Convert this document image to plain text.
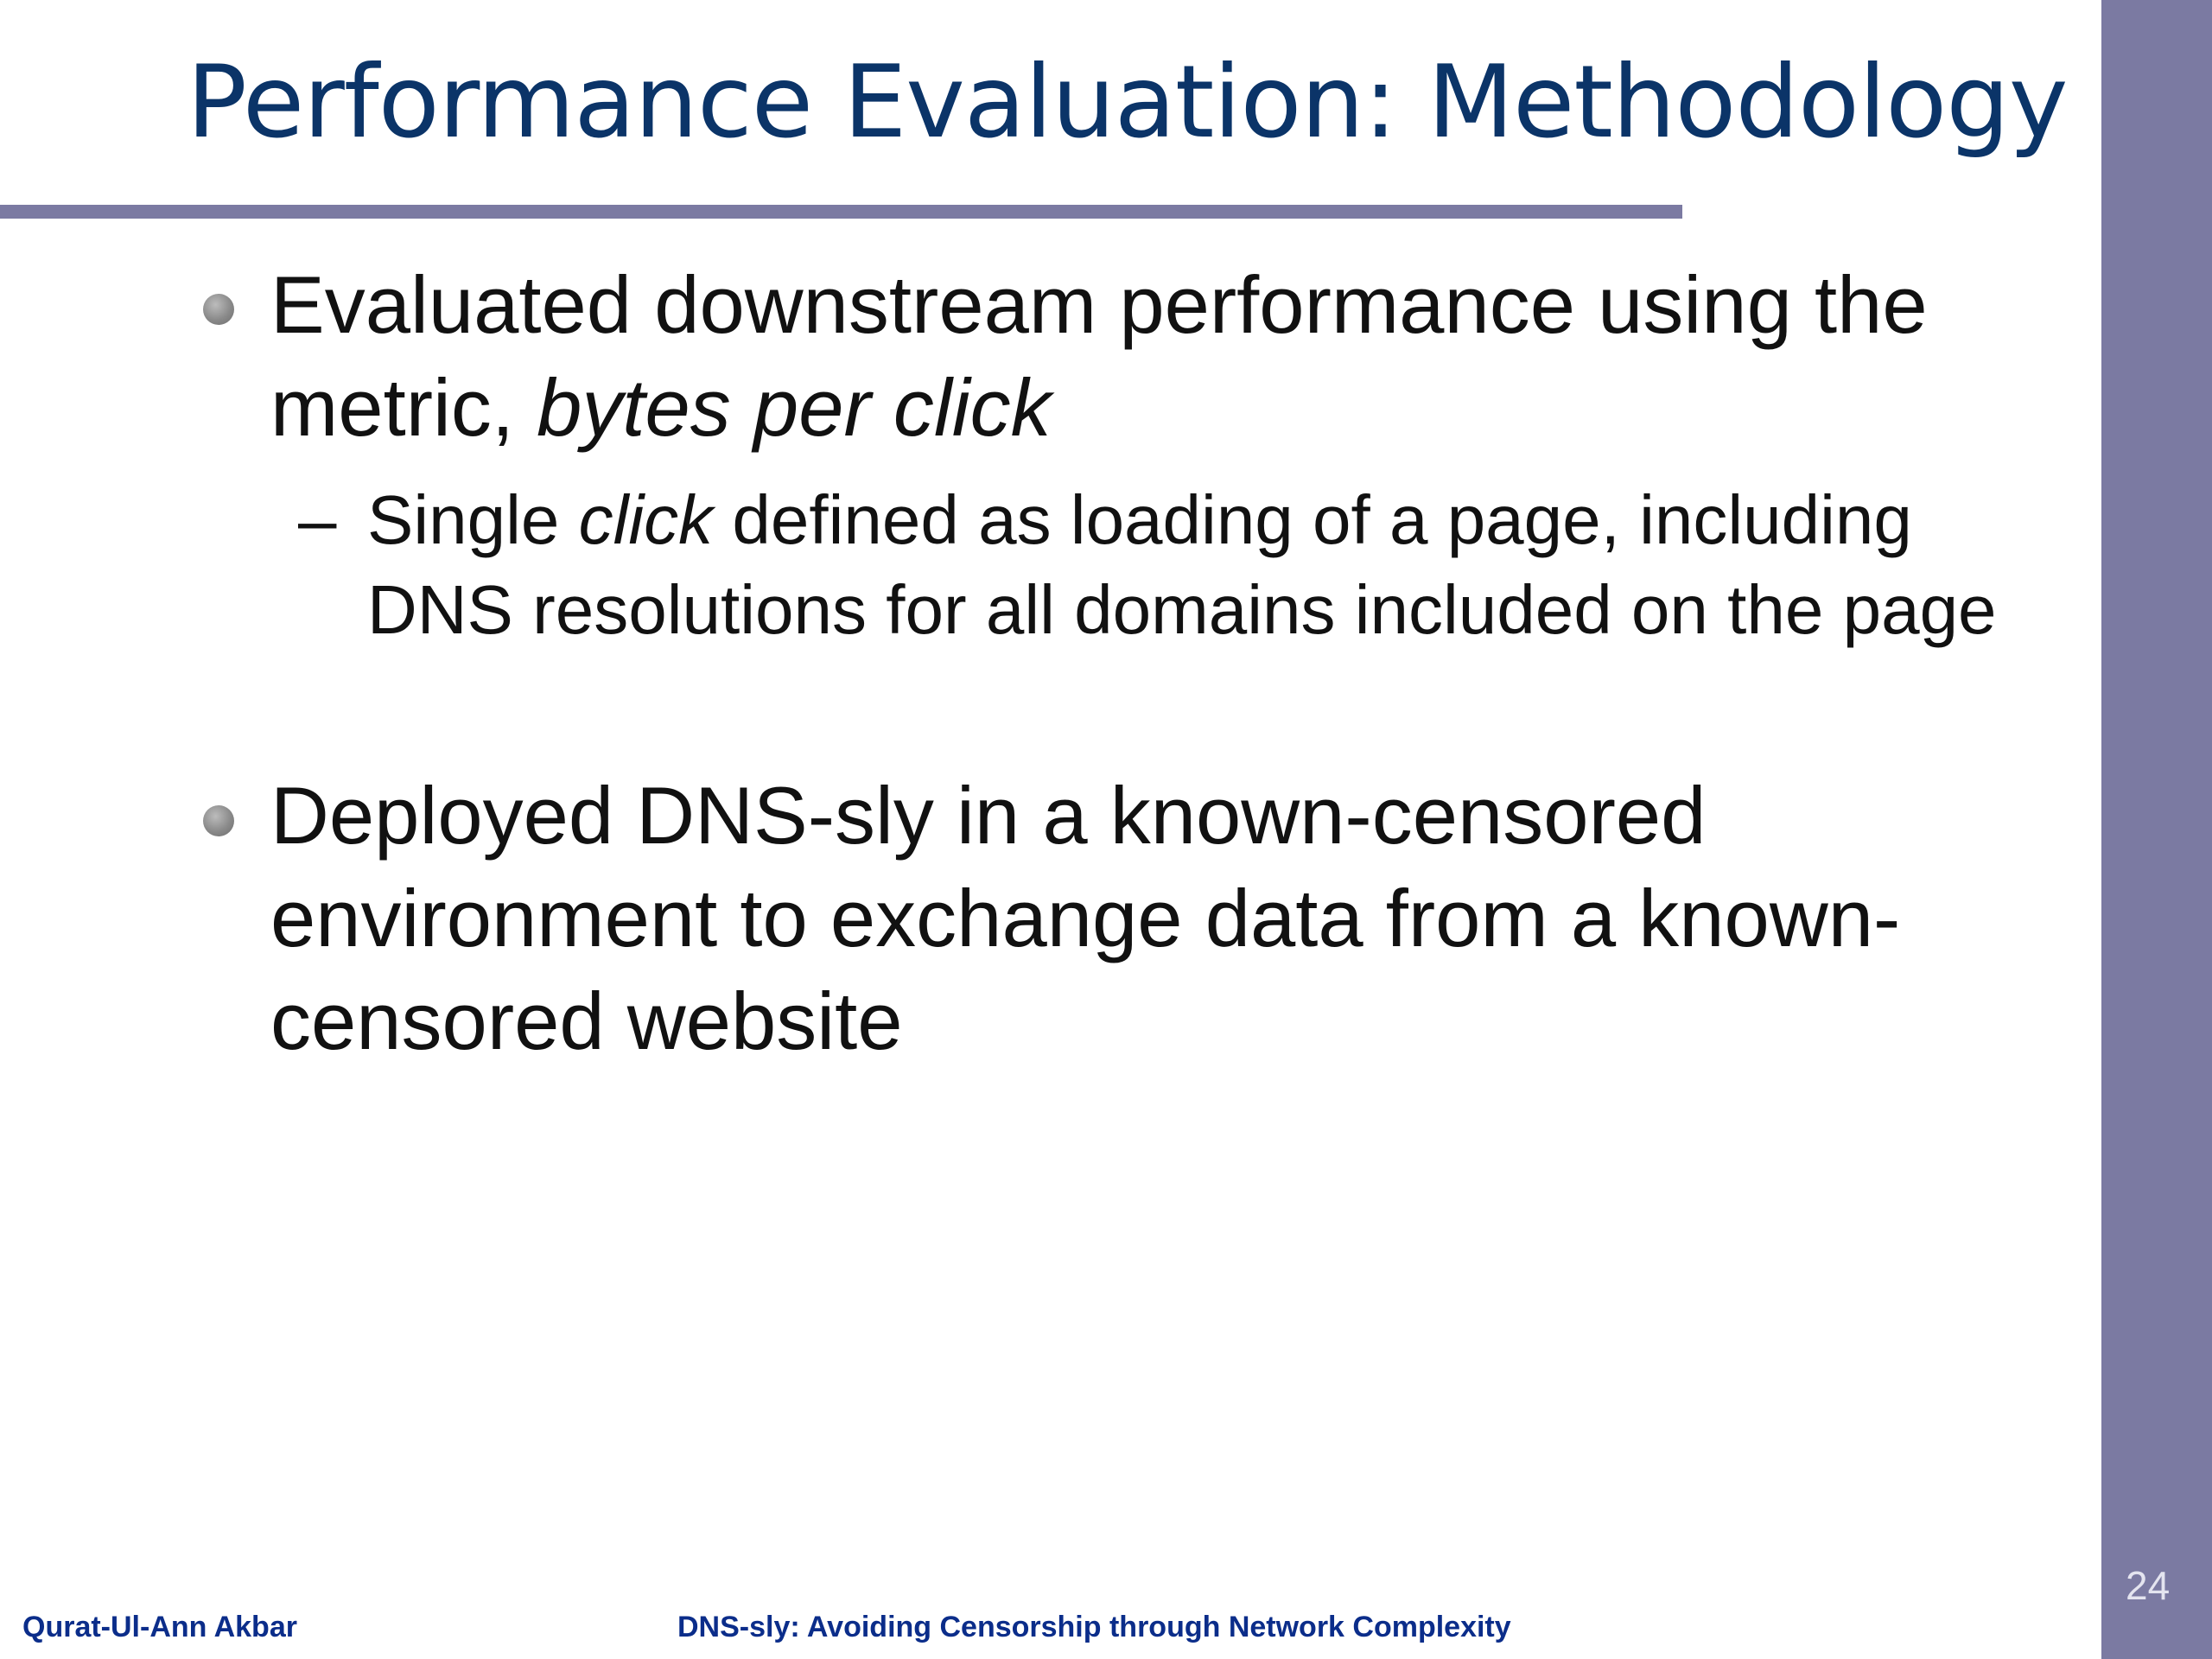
Performance Evaluation: Methodology
Evaluated downstream performance using the metric, bytes per click
– Single click defined as loading of a page, including DNS resolutions for all domains included on the page
Deployed DNS-sly in a known-censored environment to exchange data from a known-censored website
Qurat-Ul-Ann Akbar	DNS-sly: Avoiding Censorship through Network Complexity
24
